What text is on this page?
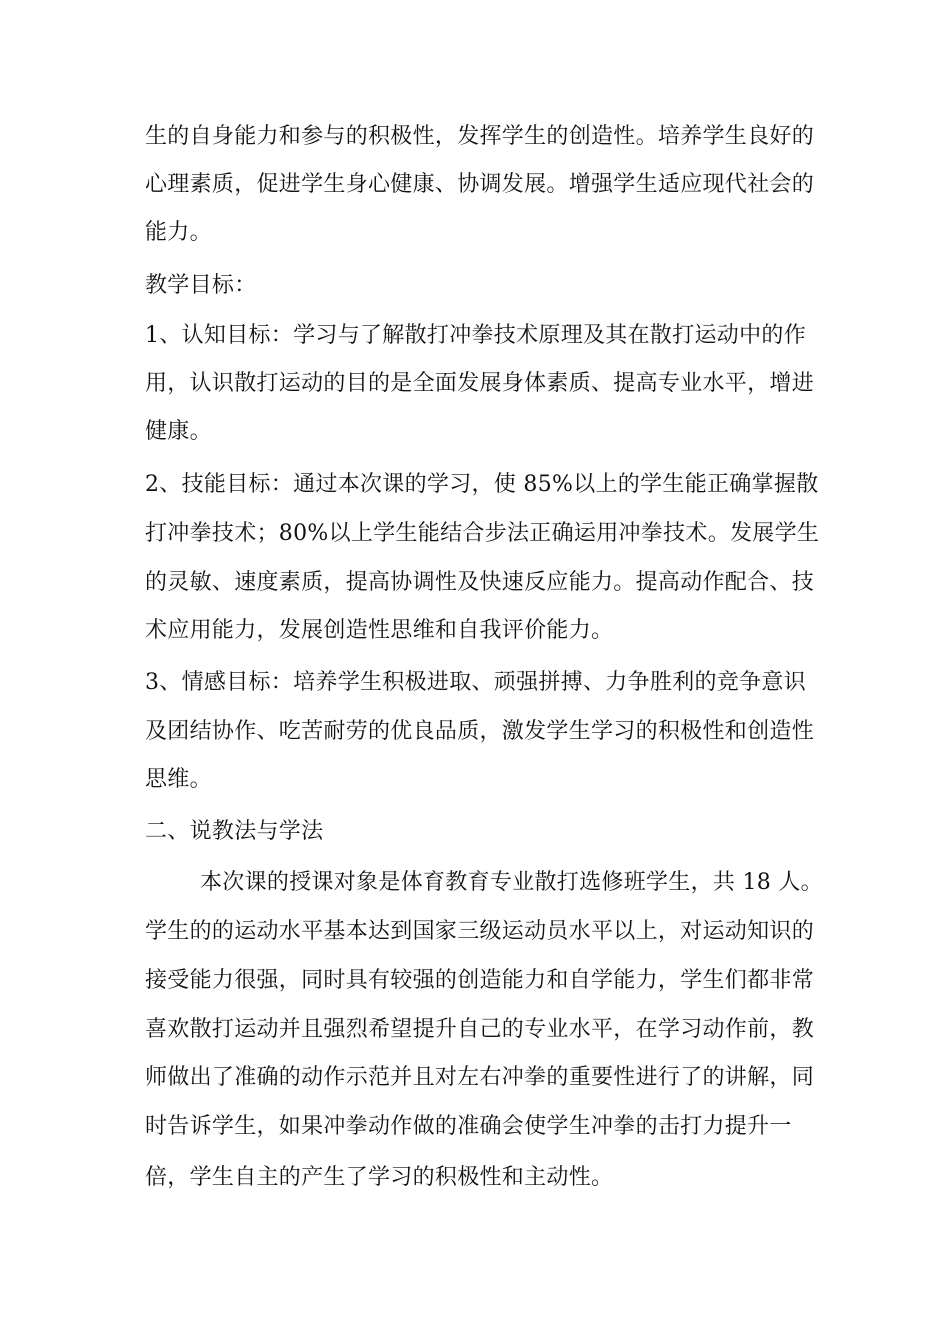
生的自身能力和参与的积极性，发挥学生的创造性。培养学生良好的
心理素质，促进学生身心健康、协调发展。增强学生适应现代社会的
能力。
教学目标：
1、认知目标：学习与了解散打冲拳技术原理及其在散打运动中的作
用，认识散打运动的目的是全面发展身体素质、提高专业水平，增进
健康。
2、技能目标：通过本次课的学习，使 85%以上的学生能正确掌握散
打冲拳技术；80%以上学生能结合步法正确运用冲拳技术。发展学生
的灵敏、速度素质，提高协调性及快速反应能力。提高动作配合、技
术应用能力，发展创造性思维和自我评价能力。
3、情感目标：培养学生积极进取、顽强拼搏、力争胜利的竞争意识
及团结协作、吃苦耐劳的优良品质，激发学生学习的积极性和创造性
思维。
二、说教法与学法
本次课的授课对象是体育教育专业散打选修班学生，共 18 人。
学生的的运动水平基本达到国家三级运动员水平以上，对运动知识的
接受能力很强，同时具有较强的创造能力和自学能力，学生们都非常
喜欢散打运动并且强烈希望提升自己的专业水平，在学习动作前，教
师做出了准确的动作示范并且对左右冲拳的重要性进行了的讲解，同
时告诉学生，如果冲拳动作做的准确会使学生冲拳的击打力提升一
倍，学生自主的产生了学习的积极性和主动性。
